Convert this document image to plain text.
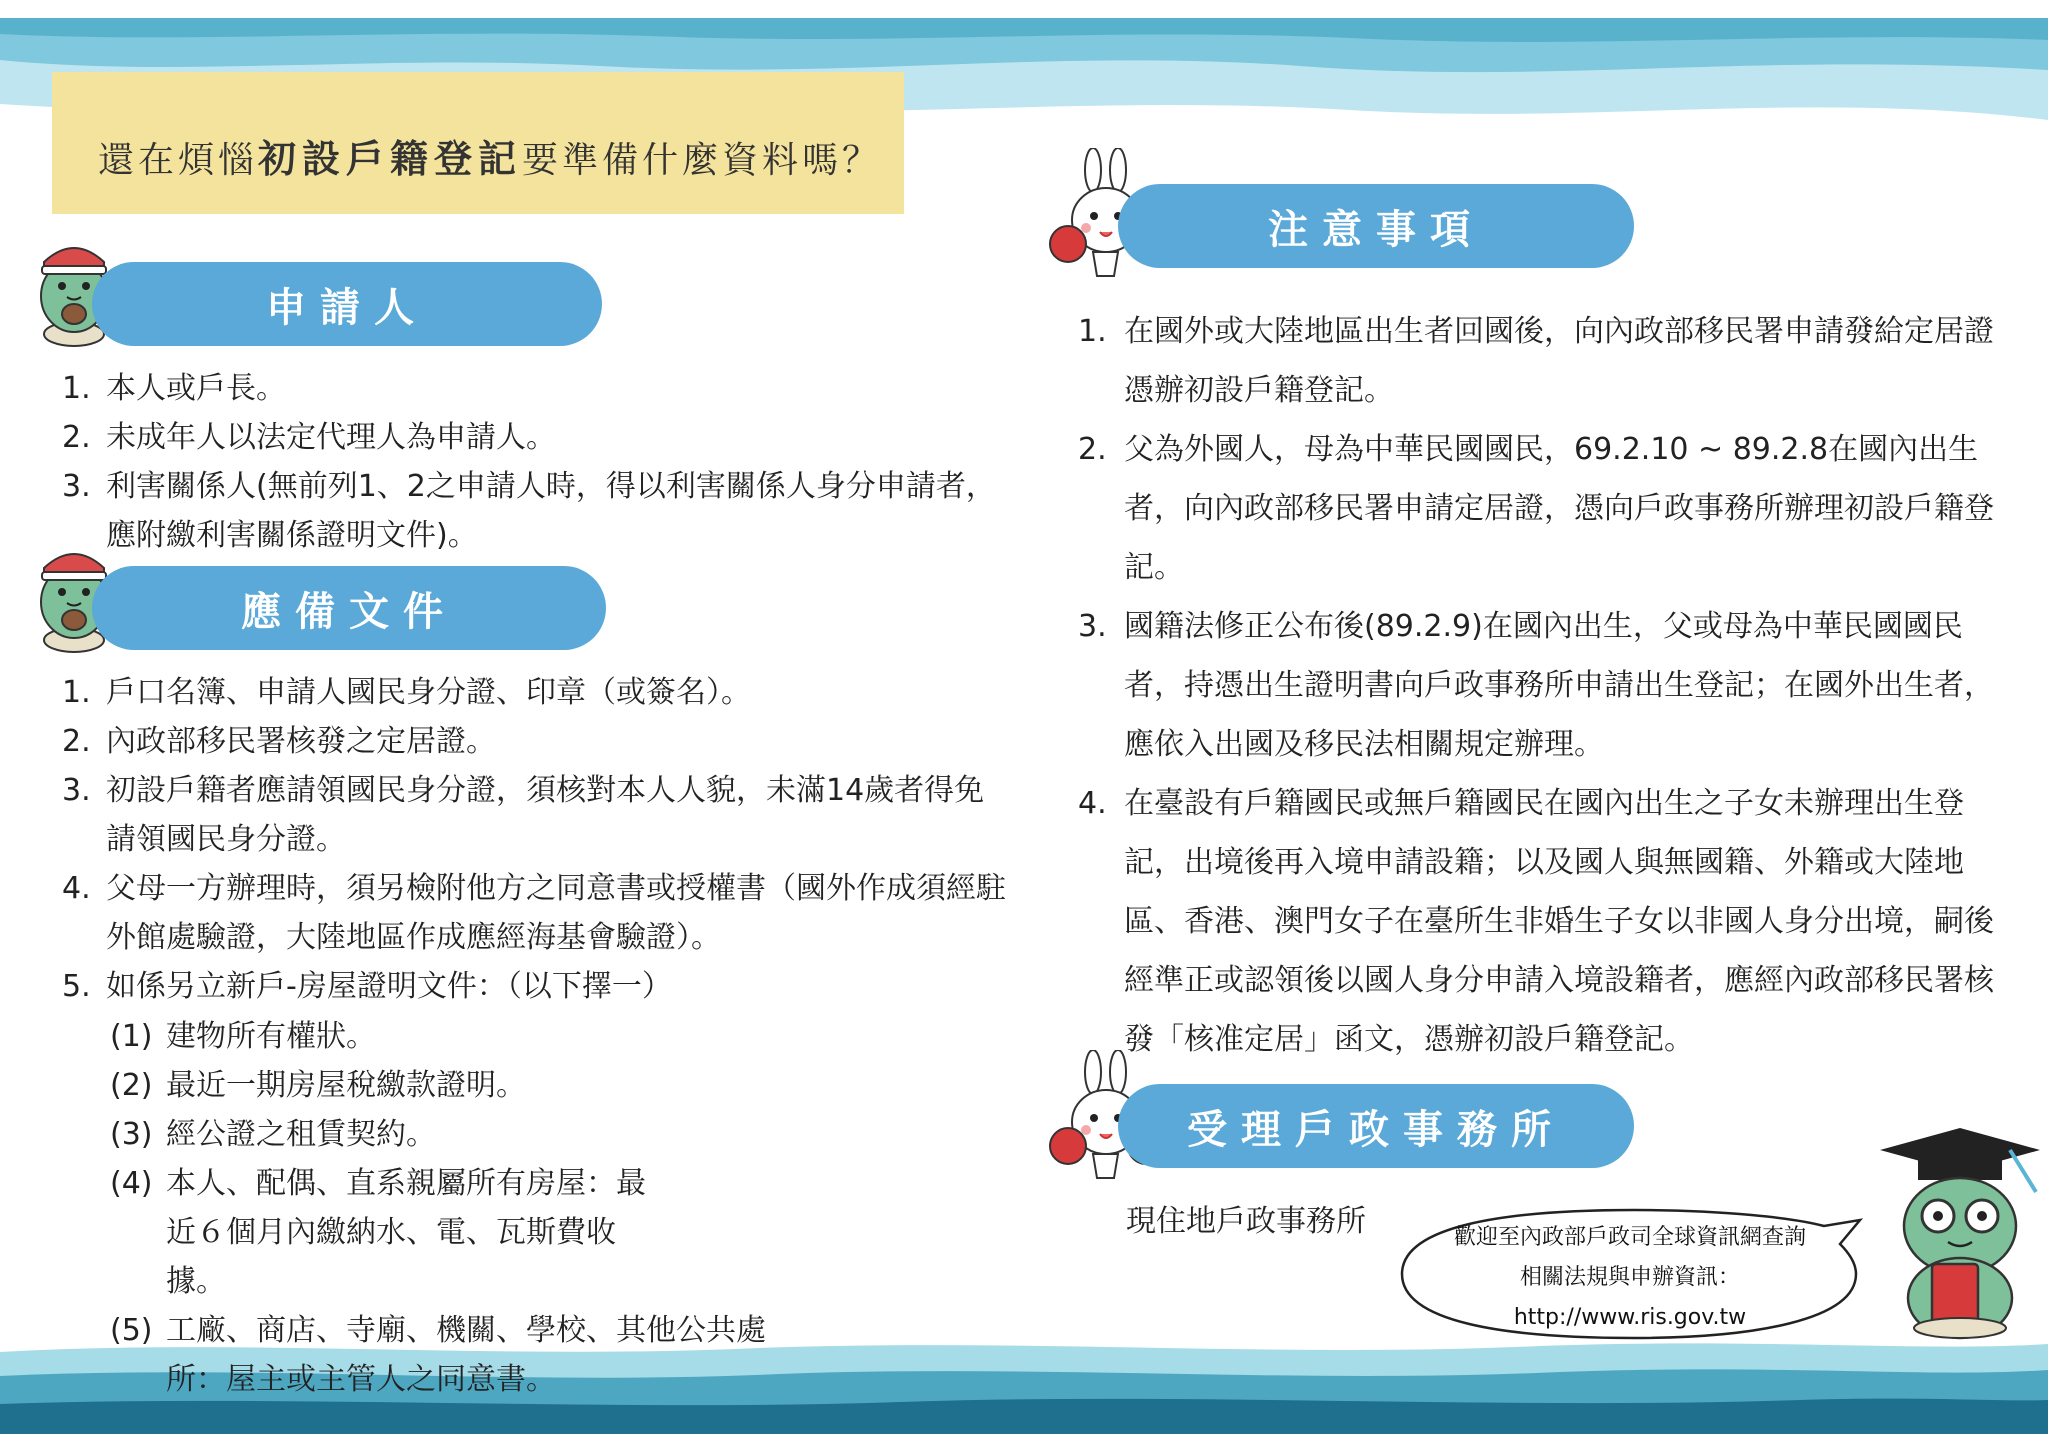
還在煩惱初設戶籍登記要準備什麼資料嗎？
申請人
1. 本人或戶長。
2. 未成年人以法定代理人為申請人。
3. 利害關係人(無前列1、2之申請人時，得以利害關係人身分申請者，應附繳利害關係證明文件)。
應備文件
1. 戶口名簿、申請人國民身分證、印章（或簽名）。
2. 內政部移民署核發之定居證。
3. 初設戶籍者應請領國民身分證，須核對本人人貌，未滿14歲者得免請領國民身分證。
4. 父母一方辦理時，須另檢附他方之同意書或授權書（國外作成須經駐外館處驗證，大陸地區作成應經海基會驗證）。
5. 如係另立新戶-房屋證明文件：（以下擇一）
(1) 建物所有權狀。
(2) 最近一期房屋稅繳款證明。
(3) 經公證之租賃契約。
(4) 本人、配偶、直系親屬所有房屋：最近６個月內繳納水、電、瓦斯費收據。
(5) 工廠、商店、寺廟、機關、學校、其他公共處所：屋主或主管人之同意書。
注意事項
1. 在國外或大陸地區出生者回國後，向內政部移民署申請發給定居證憑辦初設戶籍登記。
2. 父為外國人，母為中華民國國民，69.2.10 ~ 89.2.8在國內出生者，向內政部移民署申請定居證，憑向戶政事務所辦理初設戶籍登記。
3. 國籍法修正公布後(89.2.9)在國內出生，父或母為中華民國國民者，持憑出生證明書向戶政事務所申請出生登記；在國外出生者，應依入出國及移民法相關規定辦理。
4. 在臺設有戶籍國民或無戶籍國民在國內出生之子女未辦理出生登記，出境後再入境申請設籍；以及國人與無國籍、外籍或大陸地區、香港、澳門女子在臺所生非婚生子女以非國人身分出境，嗣後經準正或認領後以國人身分申請入境設籍者，應經內政部移民署核發「核准定居」函文，憑辦初設戶籍登記。
受理戶政事務所
現住地戶政事務所	歡迎至內政部戶政司全球資訊網查詢
相關法規與申辦資訊：
http://www.ris.gov.tw
